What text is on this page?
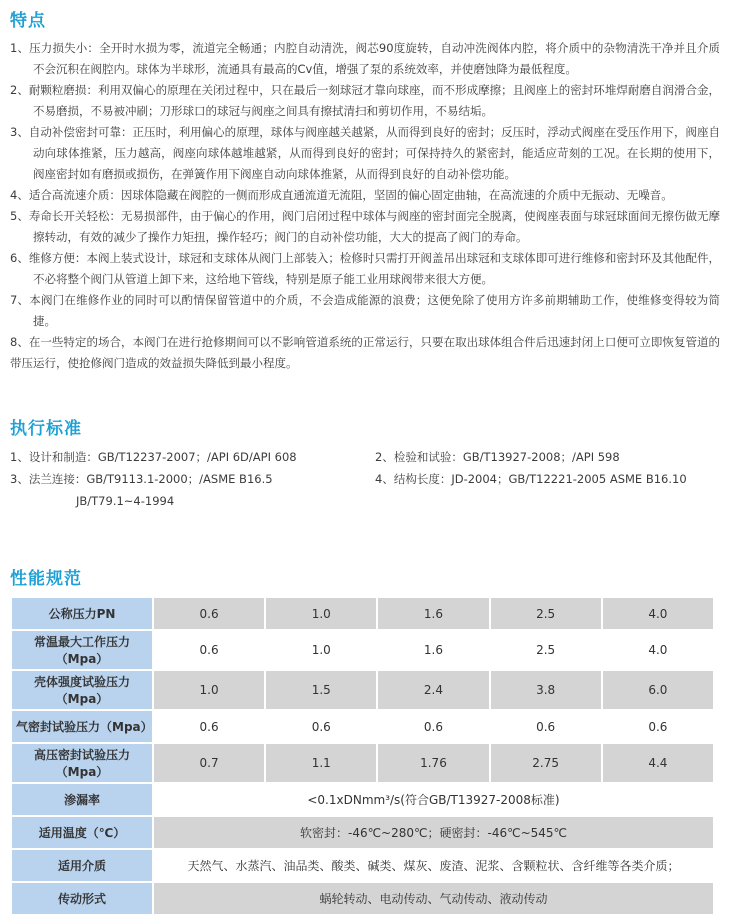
特点
1、压力损失小：全开时水损为零，流道完全畅通；内腔自动清洗，阀芯90度旋转，自动冲洗阀体内腔，将介质中的杂物清洗干净并且介质不会沉积在阀腔内。球体为半球形，流通具有最高的Cv值，增强了泵的系统效率，并使磨蚀降为最低程度。
2、耐颗粒磨损：利用双偏心的原理在关闭过程中，只在最后一刻球冠才靠向球座，而不形成摩擦；且阀座上的密封环堆焊耐磨自润滑合金，不易磨损，不易被冲刷；刀形球口的球冠与阀座之间具有擦拭清扫和剪切作用，不易结垢。
3、自动补偿密封可靠：正压时，利用偏心的原理，球体与阀座越关越紧，从而得到良好的密封；反压时，浮动式阀座在受压作用下，阀座自动向球体推紧，压力越高，阀座向球体越堆越紧，从而得到良好的密封；可保持持久的紧密封，能适应苛刻的工况。在长期的使用下，阀座密封如有磨损或损伤，在弹簧作用下阀座自动向球体推紧，从而得到良好的自动补偿功能。
4、适合高流速介质：因球体隐藏在阀腔的一侧而形成直通流道无流阻，坚固的偏心固定曲轴，在高流速的介质中无振动、无噪音。
5、寿命长开关轻松：无易损部件，由于偏心的作用，阀门启闭过程中球体与阀座的密封面完全脱离，使阀座表面与球冠球面间无擦伤做无摩擦转动，有效的减少了操作力矩扭，操作轻巧；阀门的自动补偿功能，大大的提高了阀门的寿命。
6、维修方便：本阀上装式设计，球冠和支球体从阀门上部装入；检修时只需打开阀盖吊出球冠和支球体即可进行维修和密封环及其他配件，不必将整个阀门从管道上卸下来，这给地下管线，特别是原子能工业用球阀带来很大方便。
7、本阀门在维修作业的同时可以酌情保留管道中的介质，不会造成能源的浪费；这便免除了使用方许多前期辅助工作，使维修变得较为简捷。
8、在一些特定的场合，本阀门在进行抢修期间可以不影响管道系统的正常运行，只要在取出球体组合件后迅速封闭上口便可立即恢复管道的带压运行，使抢修阀门造成的效益损失降低到最小程度。
执行标准
1、设计和制造：GB/T12237-2007；/API 6D/API 608	2、检验和试验：GB/T13927-2008；/API 598
3、法兰连接：GB/T9113.1-2000；/ASME B16.5	4、结构长度：JD-2004；GB/T12221-2005 ASME B16.10
JB/T79.1~4-1994
性能规范
公称压力PN	0.6	1.0	1.6	2.5	4.0
常温最大工作压力（Mpa）	0.6	1.0	1.6	2.5	4.0
壳体强度试验压力（Mpa）	1.0	1.5	2.4	3.8	6.0
气密封试验压力（Mpa）	0.6	0.6	0.6	0.6	0.6
高压密封试验压力（Mpa）	0.7	1.1	1.76	2.75	4.4
渗漏率	<0.1xDNmm³/s(符合GB/T13927-2008标准)				
适用温度（℃）	软密封：-46℃~280℃；硬密封：-46℃~545℃				
适用介质	天然气、水蒸汽、油品类、酸类、碱类、煤灰、废渣、泥浆、含颗粒状、含纤维等各类介质；				
传动形式	蜗轮转动、电动传动、气动传动、液动传动				
